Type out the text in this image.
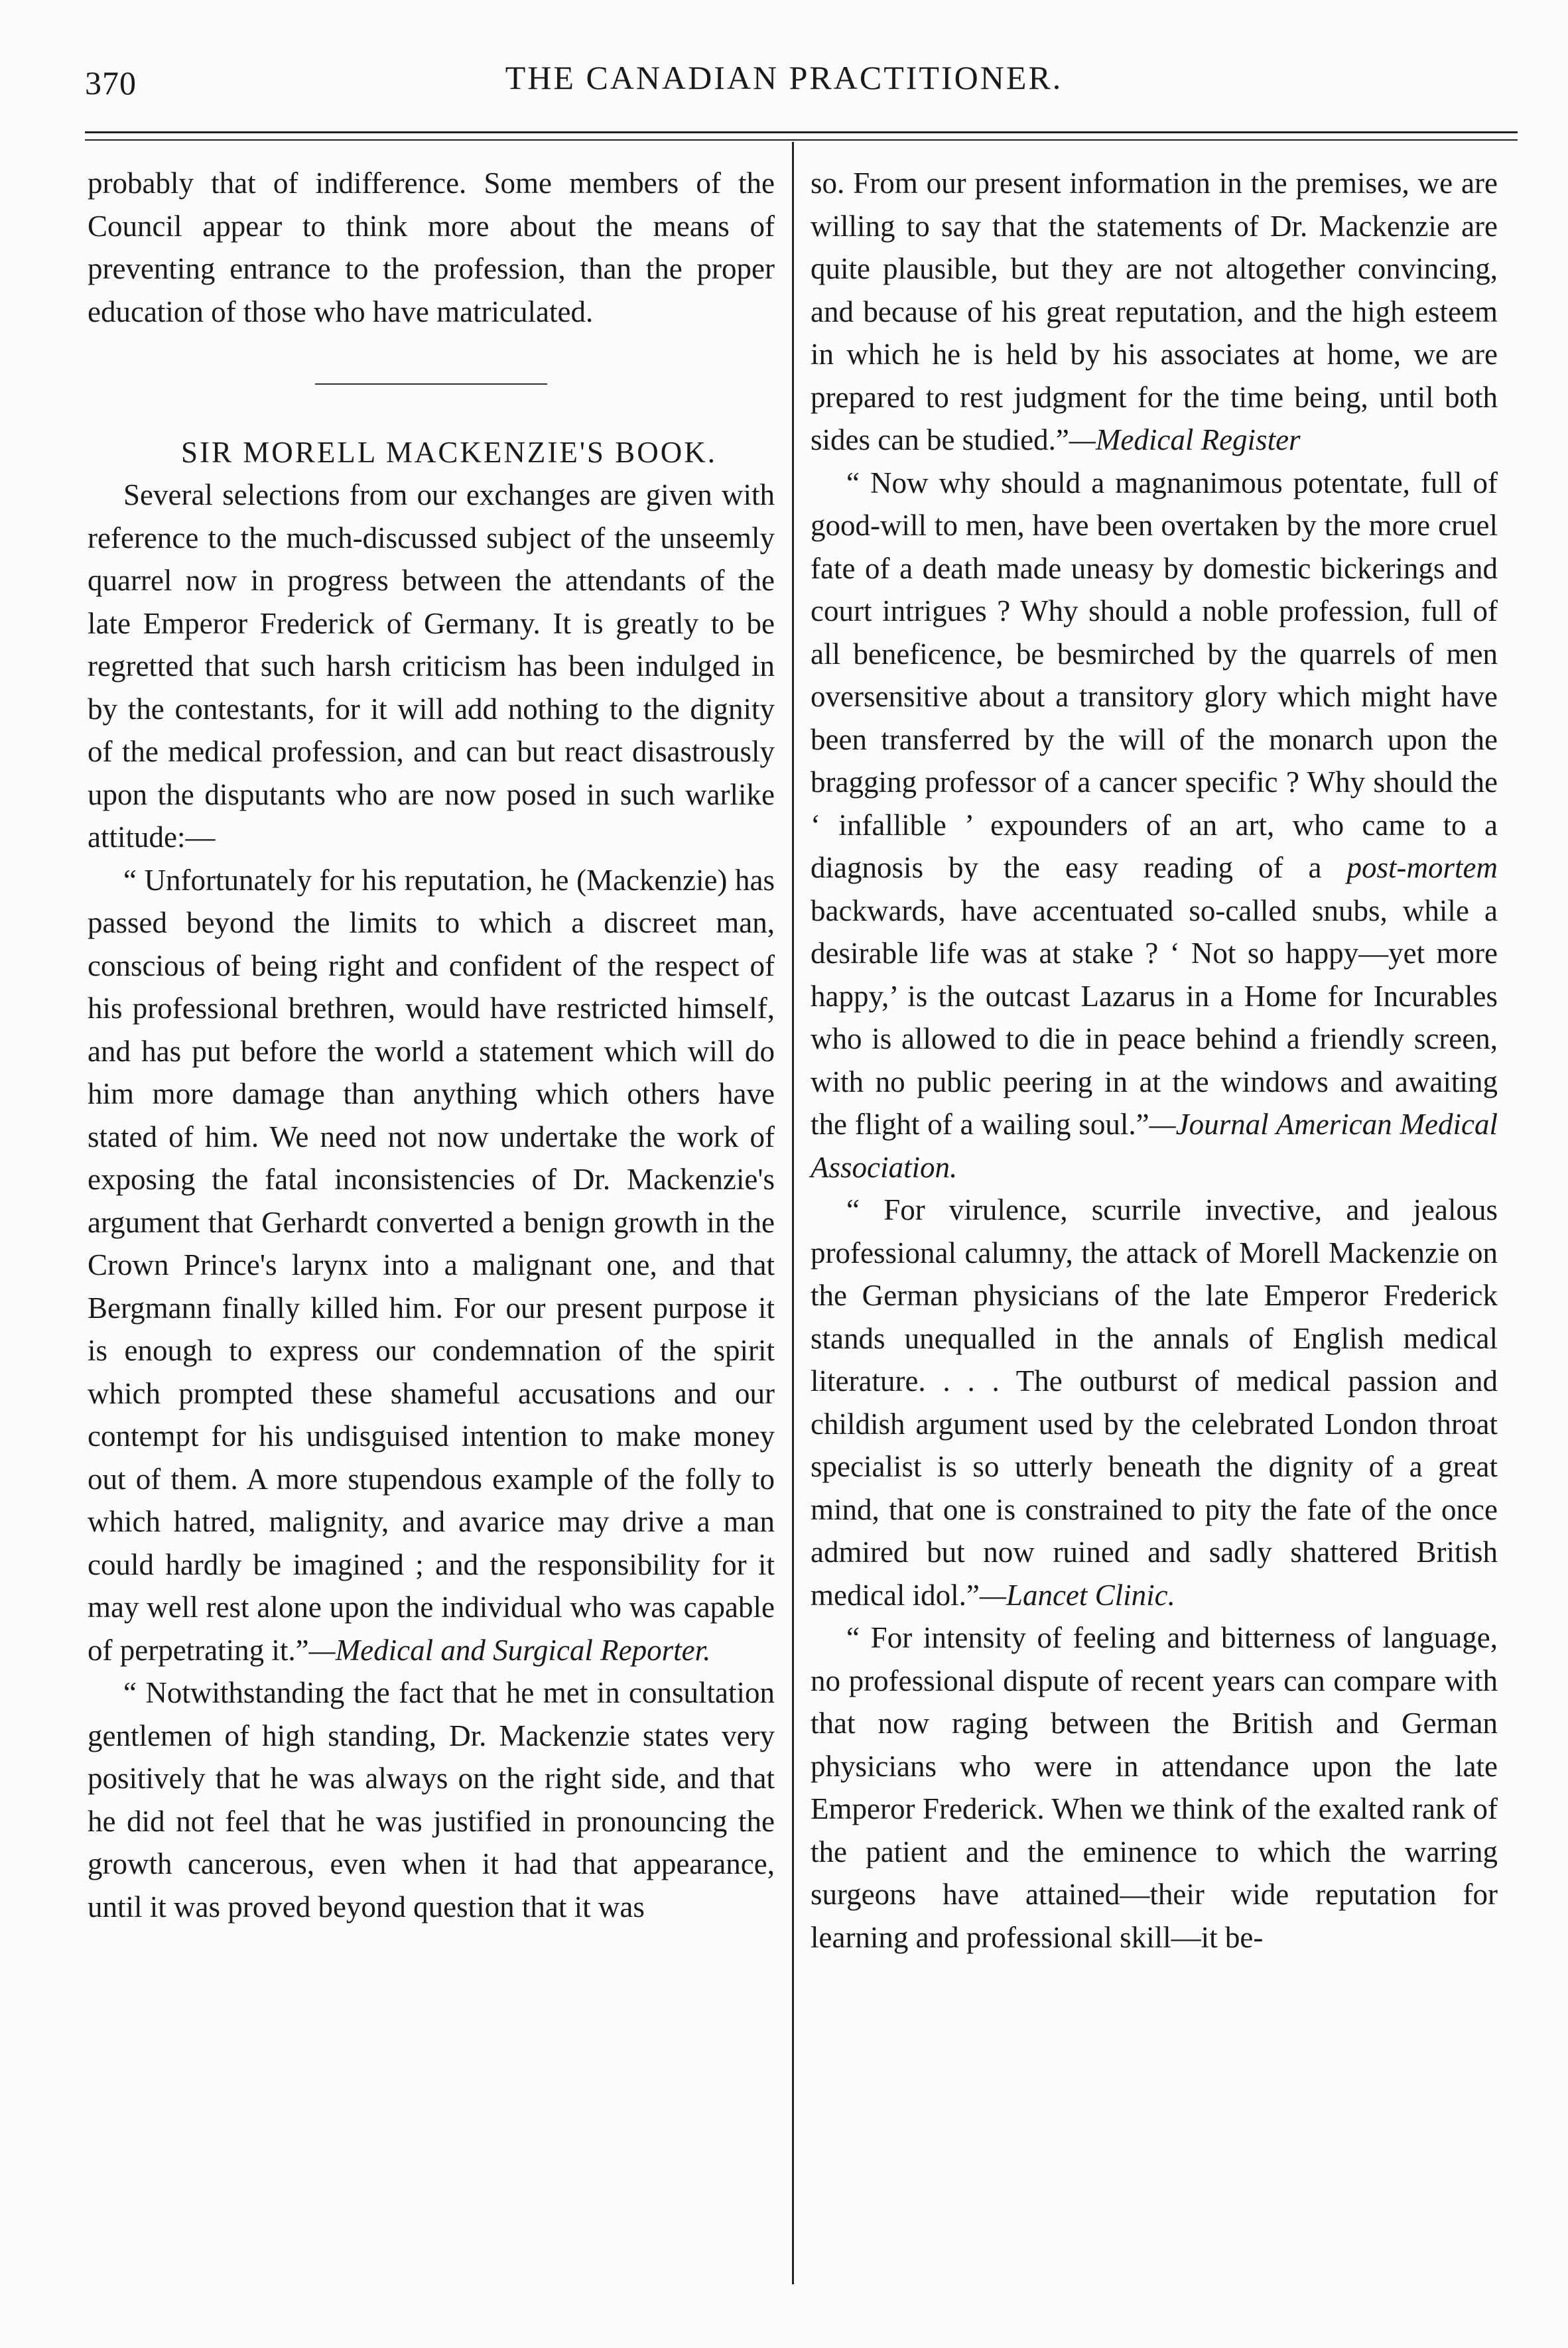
370	THE CANADIAN PRACTITIONER.

probably that of indifference. Some members of the Council appear to think more about the means of preventing entrance to the profession, than the proper education of those who have matriculated.

SIR MORELL MACKENZIE'S BOOK.

Several selections from our exchanges are given with reference to the much-discussed subject of the unseemly quarrel now in progress between the attendants of the late Emperor Frederick of Germany. It is greatly to be regretted that such harsh criticism has been indulged in by the contestants, for it will add nothing to the dignity of the medical profession, and can but react disastrously upon the disputants who are now posed in such warlike attitude:—

“ Unfortunately for his reputation, he (Mackenzie) has passed beyond the limits to which a discreet man, conscious of being right and confident of the respect of his professional brethren, would have restricted himself, and has put before the world a statement which will do him more damage than anything which others have stated of him. We need not now undertake the work of exposing the fatal inconsistencies of Dr. Mackenzie's argument that Gerhardt converted a benign growth in the Crown Prince's larynx into a malignant one, and that Bergmann finally killed him. For our present purpose it is enough to express our condemnation of the spirit which prompted these shameful accusations and our contempt for his undisguised intention to make money out of them. A more stupendous example of the folly to which hatred, malignity, and avarice may drive a man could hardly be imagined ; and the responsibility for it may well rest alone upon the individual who was capable of perpetrating it.”—Medical and Surgical Reporter.

“ Notwithstanding the fact that he met in consultation gentlemen of high standing, Dr. Mackenzie states very positively that he was always on the right side, and that he did not feel that he was justified in pronouncing the growth cancerous, even when it had that appearance, until it was proved beyond question that it was

so. From our present information in the premises, we are willing to say that the statements of Dr. Mackenzie are quite plausible, but they are not altogether convincing, and because of his great reputation, and the high esteem in which he is held by his associates at home, we are prepared to rest judgment for the time being, until both sides can be studied.”—Medical Register

“ Now why should a magnanimous potentate, full of good-will to men, have been overtaken by the more cruel fate of a death made uneasy by domestic bickerings and court intrigues ? Why should a noble profession, full of all beneficence, be besmirched by the quarrels of men oversensitive about a transitory glory which might have been transferred by the will of the monarch upon the bragging professor of a cancer specific ? Why should the ‘ infallible ’ expounders of an art, who came to a diagnosis by the easy reading of a post-mortem backwards, have accentuated so-called snubs, while a desirable life was at stake ? ‘ Not so happy—yet more happy,’ is the outcast Lazarus in a Home for Incurables who is allowed to die in peace behind a friendly screen, with no public peering in at the windows and awaiting the flight of a wailing soul.”—Journal American Medical Association.

“ For virulence, scurrile invective, and jealous professional calumny, the attack of Morell Mackenzie on the German physicians of the late Emperor Frederick stands unequalled in the annals of English medical literature. . . . The outburst of medical passion and childish argument used by the celebrated London throat specialist is so utterly beneath the dignity of a great mind, that one is constrained to pity the fate of the once admired but now ruined and sadly shattered British medical idol.”—Lancet Clinic.

“ For intensity of feeling and bitterness of language, no professional dispute of recent years can compare with that now raging between the British and German physicians who were in attendance upon the late Emperor Frederick. When we think of the exalted rank of the patient and the eminence to which the warring surgeons have attained—their wide reputation for learning and professional skill—it be-
